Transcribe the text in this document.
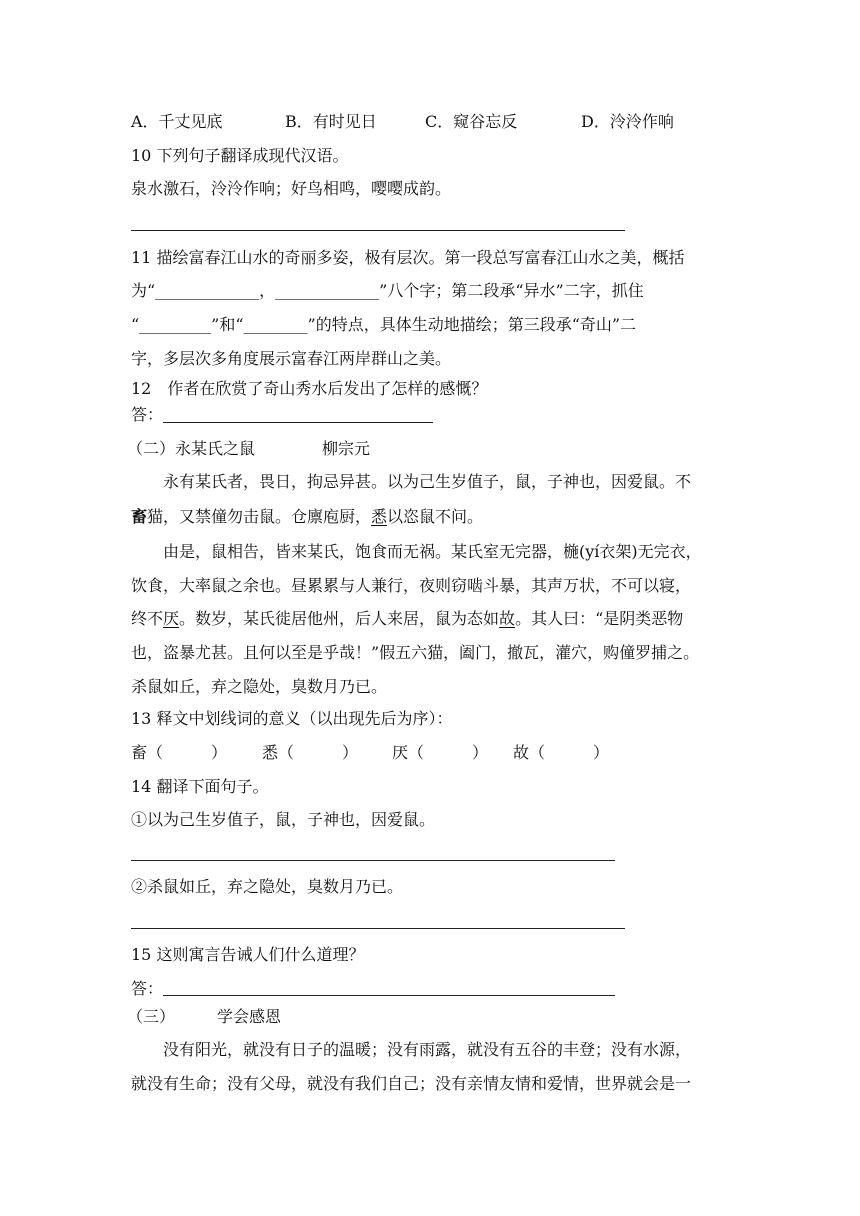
A．千丈见底	B．有时见日	C．窥谷忘反	D．泠泠作响
10 下列句子翻译成现代汉语。
泉水激石，泠泠作响；好鸟相鸣，嘤嘤成韵。
11 描绘富春江山水的奇丽多姿，极有层次。第一段总写富春江山水之美，概括
为“_____________，_____________”八个字；第二段承“异水”二字，抓住
“_________”和“________”的特点，具体生动地描绘；第三段承“奇山”二
字，多层次多角度展示富春江两岸群山之美。
12　作者在欣赏了奇山秀水后发出了怎样的感慨？
答：
（二）永某氏之鼠	柳宗元
永有某氏者，畏日，拘忌异甚。以为己生岁值子，鼠，子神也，因爱鼠。不
畜猫，又禁僮勿击鼠。仓廪庖厨，悉以恣鼠不问。
由是，鼠相告，皆来某氏，饱食而无祸。某氏室无完器，椸(yí衣架)无完衣，
饮食，大率鼠之余也。昼累累与人兼行，夜则窃啮斗暴，其声万状，不可以寝，
终不厌。数岁，某氏徙居他州，后人来居，鼠为态如故。其人曰：“是阴类恶物
也，盗暴尤甚。且何以至是乎哉！”假五六猫，阖门，撤瓦，灌穴，购僮罗捕之。
杀鼠如丘，弃之隐处，臭数月乃已。
13 释文中划线词的意义（以出现先后为序）：
畜（　　　） 悉（　　　） 厌（　　　） 故（　　　）
14 翻译下面句子。
①以为己生岁值子，鼠，子神也，因爱鼠。
②杀鼠如丘，弃之隐处，臭数月乃已。
15 这则寓言告诫人们什么道理？
答：
（三）	学会感恩
没有阳光，就没有日子的温暖；没有雨露，就没有五谷的丰登；没有水源，
就没有生命；没有父母，就没有我们自己；没有亲情友情和爱情，世界就会是一
